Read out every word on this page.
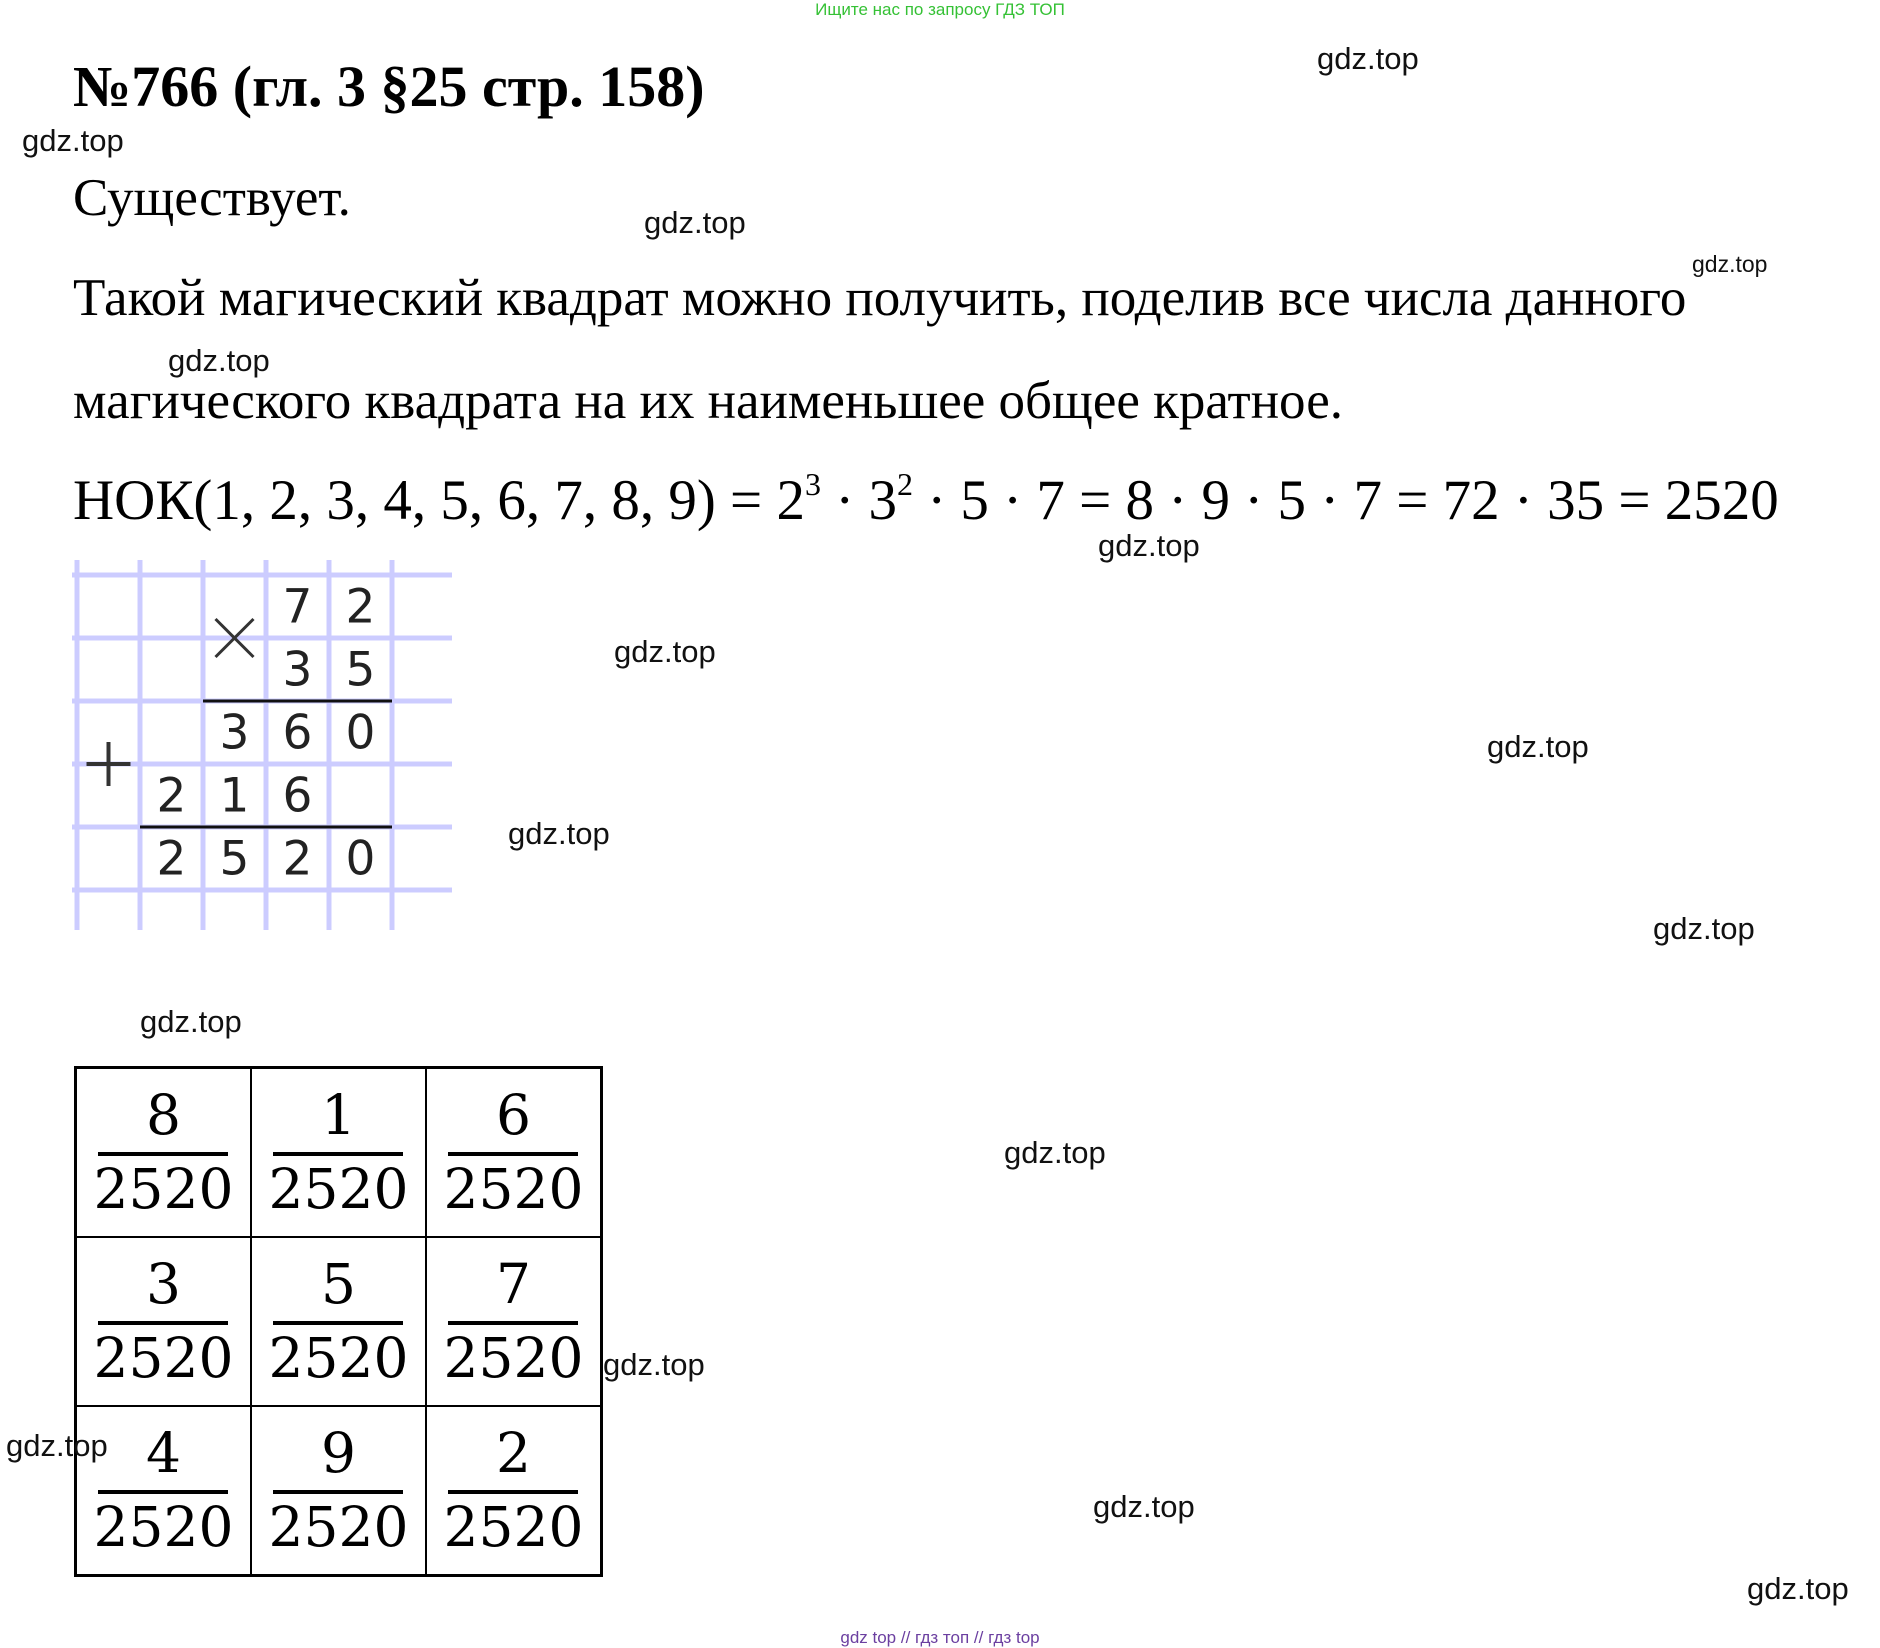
Ищите нас по запросу ГДЗ ТОП
№766 (гл. 3 §25 стр. 158)
Существует.
Такой магический квадрат можно получить, поделив все числа данного
магического квадрата на их наименьшее общее кратное.
НОК(1, 2, 3, 4, 5, 6, 7, 8, $9) = 2^3 \cdot 3^2 \cdot 5 \cdot 7 = 8 \cdot 9 \cdot 5 \cdot 7 = 72 \cdot 35 = 2520$
7 2
3 5
3 6 0
2 1 6
2 5 2 0
$\frac{8}{2520}$	$\frac{1}{2520}$	$\frac{6}{2520}$

$\frac{3}{2520}$	$\frac{5}{2520}$	$\frac{7}{2520}$

$\frac{4}{2520}$	$\frac{9}{2520}$	$\frac{2}{2520}$
gdz.top
gdz.top
gdz.top
gdz.top
gdz.top
gdz.top
gdz.top
gdz.top
gdz.top
gdz.top
gdz.top
gdz.top
gdz.top
gdz.top
gdz.top
gdz.top
gdz top // гдз топ // гдз top
